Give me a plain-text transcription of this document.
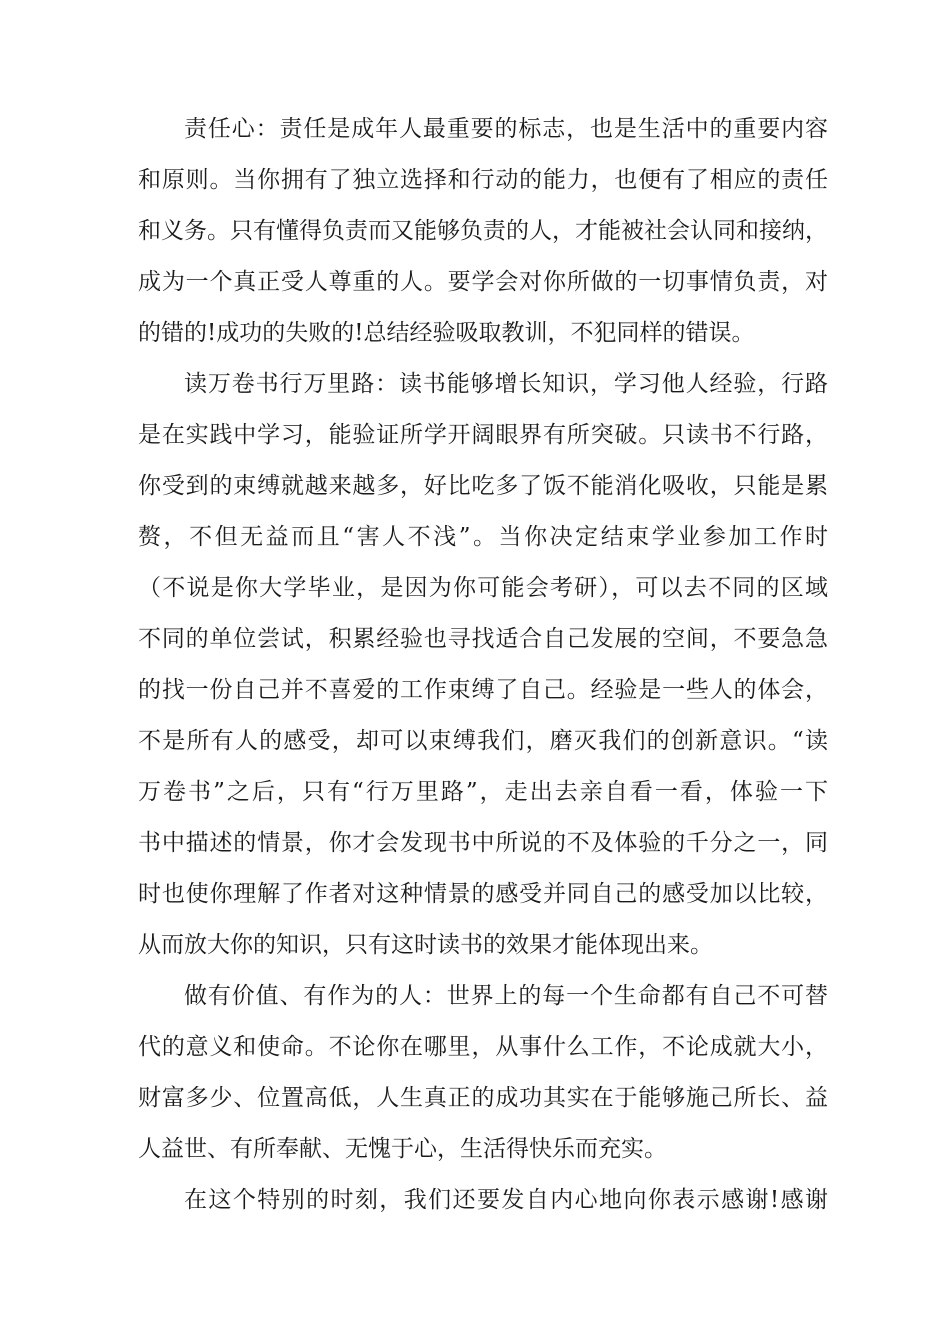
责任心：责任是成年人最重要的标志，也是生活中的重要内容
和原则。当你拥有了独立选择和行动的能力，也便有了相应的责任
和义务。只有懂得负责而又能够负责的人，才能被社会认同和接纳，
成为一个真正受人尊重的人。要学会对你所做的一切事情负责，对
的错的!成功的失败的!总结经验吸取教训，不犯同样的错误。

读万卷书行万里路：读书能够增长知识，学习他人经验，行路
是在实践中学习，能验证所学开阔眼界有所突破。只读书不行路，
你受到的束缚就越来越多，好比吃多了饭不能消化吸收，只能是累
赘，不但无益而且“害人不浅”。当你决定结束学业参加工作时
（不说是你大学毕业，是因为你可能会考研），可以去不同的区域
不同的单位尝试，积累经验也寻找适合自己发展的空间，不要急急
的找一份自己并不喜爱的工作束缚了自己。经验是一些人的体会，
不是所有人的感受，却可以束缚我们，磨灭我们的创新意识。“读
万卷书”之后，只有“行万里路”，走出去亲自看一看，体验一下
书中描述的情景，你才会发现书中所说的不及体验的千分之一，同
时也使你理解了作者对这种情景的感受并同自己的感受加以比较，
从而放大你的知识，只有这时读书的效果才能体现出来。

做有价值、有作为的人：世界上的每一个生命都有自己不可替
代的意义和使命。不论你在哪里，从事什么工作，不论成就大小，
财富多少、位置高低，人生真正的成功其实在于能够施己所长、益
人益世、有所奉献、无愧于心，生活得快乐而充实。

在这个特别的时刻，我们还要发自内心地向你表示感谢!感谢
